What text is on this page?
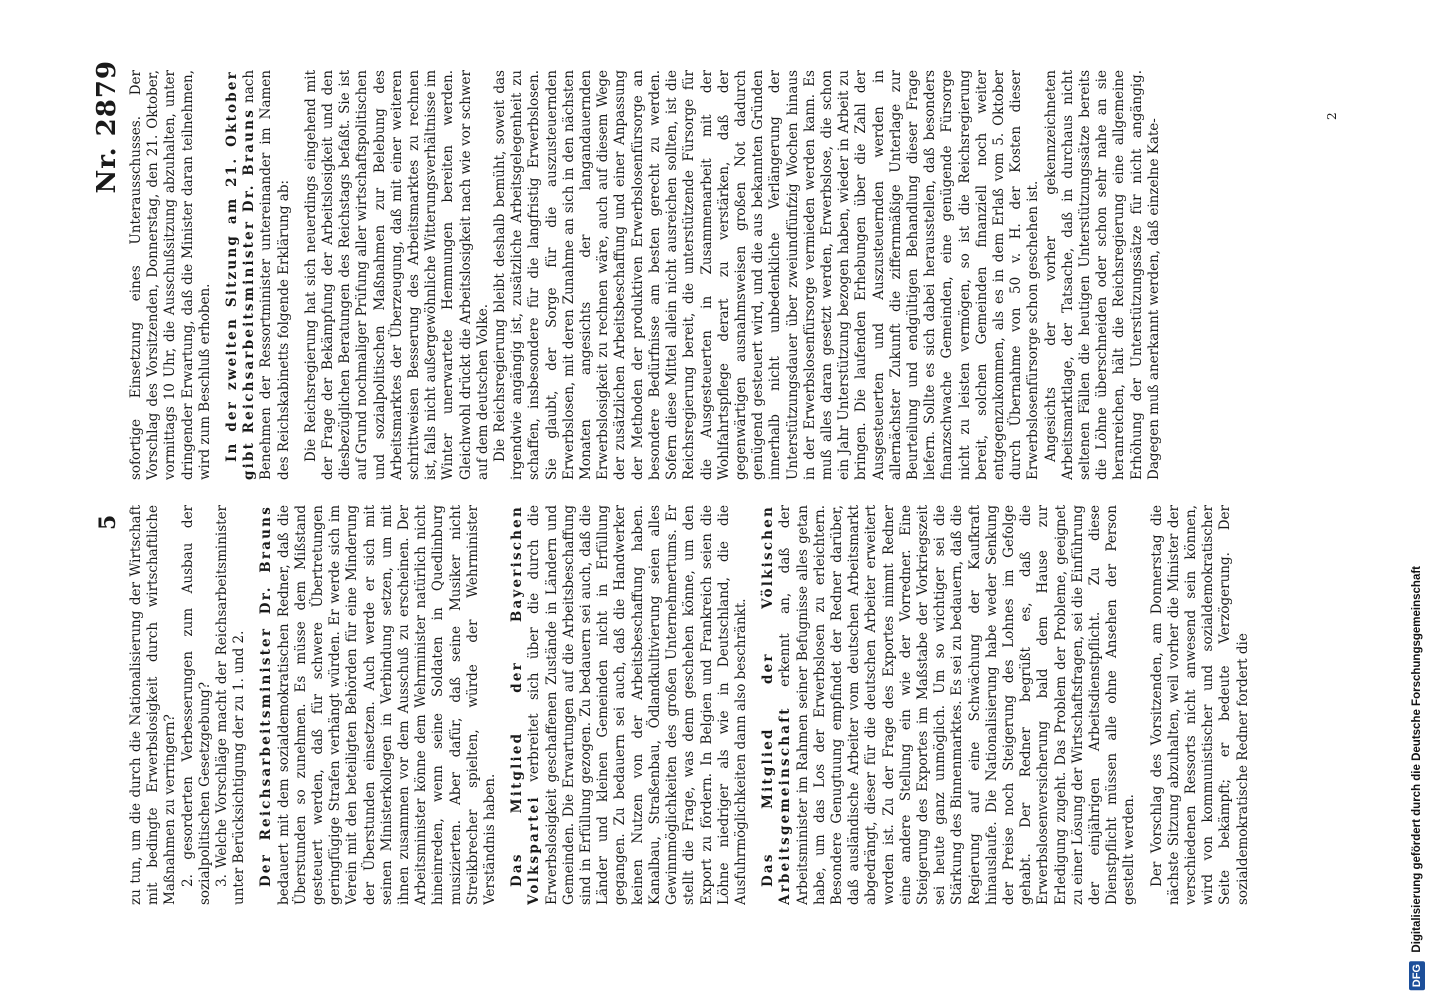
5
Nr. 2879

zu tun, um die durch die Nationalisierung der Wirtschaft mit bedingte Erwerbslosigkeit durch wirtschaftliche Maßnahmen zu verringern? 2. gesorderten Verbesserungen zum Ausbau der sozialpolitischen Gesetzgebung? 3. Welche Vorschläge macht der Reichsarbeitsminister unter Berücksichtigung der zu 1. und 2. Der Reichsarbeitsminister Dr. Brauns bedauert mit dem sozialdemokratischen Redner, daß die Überstunden so zunehmen. Es müsse dem Mißstand gesteuert werden, daß für schwere Übertretungen geringfügige Strafen verhängt würden. Er werde sich im Verein mit den beteiligten Behörden für eine Minderung der Überstunden einsetzen. Auch werde er sich mit seinen Ministerkollegen in Verbindung setzen, um mit ihnen zusammen vor dem Ausschuß zu erscheinen. Der Arbeitsminister könne dem Wehrminister natürlich nicht hineinreden, wenn seine Soldaten in Quedlinburg musizierten. Aber dafür, daß seine Musiker nicht Streikbrecher spielten, würde der Wehrminister Verständnis haben. Das Mitglied der Bayerischen Volkspartei verbreitet sich über die durch die Erwerbslosigkeit geschaffenen Zustände in Ländern und Gemeinden. Die Erwartungen auf die Arbeitsbeschaffung sind in Erfüllung gezogen. Zu bedauern sei auch, daß die Länder und kleinen Gemeinden nicht in Erfüllung gegangen. Zu bedauern sei auch, daß die Handwerker keinen Nutzen von der Arbeitsbeschaffung haben. Kanalbau, Straßenbau, Ödlandkultivierung seien alles Gewinnmöglichkeiten des großen Unternehmertums. Er stellt die Frage, was denn geschehen könne, um den Export zu fördern. In Belgien und Frankreich seien die Löhne niedriger als wie in Deutschland, die die Ausfuhrmöglichkeiten dann also beschränkt. Das Mitglied der Völkischen Arbeitsgemeinschaft erkennt an, daß der Arbeitsminister im Rahmen seiner Befugnisse alles getan habe, um das Los der Erwerbslosen zu erleichtern. Besondere Genugtuung empfindet der Redner darüber, daß ausländische Arbeiter vom deutschen Arbeitsmarkt abgedrängt, dieser für die deutschen Arbeiter erweitert worden ist. Zu der Frage des Exportes nimmt Redner eine andere Stellung ein wie der Vorredner. Eine Steigerung des Exportes im Maßstabe der Vorkriegszeit sei heute ganz unmöglich. Um so wichtiger sei die Stärkung des Binnenmarktes. Es sei zu bedauern, daß die Regierung auf eine Schwächung der Kaufkraft hinauslaufe. Die Nationalisierung habe weder Senkung der Preise noch Steigerung des Lohnes im Gefolge gehabt. Der Redner begrüßt es, daß die Erwerbslosenversicherung bald dem Hause zur Erledigung zugeht. Das Problem der Probleme, geeignet zu einer Lösung der Wirtschaftsfragen, sei die Einführung der einjährigen Arbeitsdienstpflicht. Zu diese Dienstpflicht müssen alle ohne Ansehen der Person gestellt werden. Der Vorschlag des Vorsitzenden, am Donnerstag die nächste Sitzung abzuhalten, weil vorher die Minister der verschiedenen Ressorts nicht anwesend sein können, wird von kommunistischer und sozialdemokratischer Seite bekämpft; er bedeute Verzögerung. Der sozialdemokratische Redner fordert die

sofortige Einsetzung eines Unterausschusses. Der Vorschlag des Vorsitzenden, Donnerstag, den 21. Oktober, vormittags 10 Uhr, die Ausschußsitzung abzuhalten, unter dringender Erwartung, daß die Minister daran teilnehmen, wird zum Beschluß erhoben. In der zweiten Sitzung am 21. Oktober gibt Reichsarbeitsminister Dr. Brauns nach Benehmen der Ressortminister untereinander im Namen des Reichskabinetts folgende Erklärung ab: Die Reichsregierung hat sich neuerdings eingehend mit der Frage der Bekämpfung der Arbeitslosigkeit und den diesbezüglichen Beratungen des Reichstags befaßt. Sie ist auf Grund nochmaliger Prüfung aller wirtschaftspolitischen und sozialpolitischen Maßnahmen zur Belebung des Arbeitsmarktes der Überzeugung, daß mit einer weiteren schrittweisen Besserung des Arbeitsmarktes zu rechnen ist, falls nicht außergewöhnliche Witterungsverhältnisse im Winter unerwartete Hemmungen bereiten werden. Gleichwohl drückt die Arbeitslosigkeit nach wie vor schwer auf dem deutschen Volke. Die Reichsregierung bleibt deshalb bemüht, soweit das irgendwie angängig ist, zusätzliche Arbeitsgelegenheit zu schaffen, insbesondere für die langfristig Erwerbslosen. Sie glaubt, der Sorge für die auszusteuernden Erwerbslosen, mit deren Zunahme an sich in den nächsten Monaten angesichts der langandauernden Erwerbslosigkeit zu rechnen wäre, auch auf diesem Wege der zusätzlichen Arbeitsbeschaffung und einer Anpassung der Methoden der produktiven Erwerbslosenfürsorge an besondere Bedürfnisse am besten gerecht zu werden. Sofern diese Mittel allein nicht ausreichen sollten, ist die Reichsregierung bereit, die unterstützende Fürsorge für die Ausgesteuerten in Zusammenarbeit mit der Wohlfahrtspflege derart zu verstärken, daß der gegenwärtigen ausnahmsweisen großen Not dadurch genügend gesteuert wird, und die aus bekannten Gründen innerhalb nicht unbedenkliche Verlängerung der Unterstützungsdauer über zweiundfünfzig Wochen hinaus in der Erwerbslosenfürsorge vermieden werden kann. Es muß alles daran gesetzt werden, Erwerbslose, die schon ein Jahr Unterstützung bezogen haben, wieder in Arbeit zu bringen. Die laufenden Erhebungen über die Zahl der Ausgesteuerten und Auszusteuernden werden in allernächster Zukunft die ziffernmäßige Unterlage zur Beurteilung und endgültigen Behandlung dieser Frage liefern. Sollte es sich dabei herausstellen, daß besonders finanzschwache Gemeinden, eine genügende Fürsorge nicht zu leisten vermögen, so ist die Reichsregierung bereit, solchen Gemeinden finanziell noch weiter entgegenzukommen, als es in dem Erlaß vom 5. Oktober durch Übernahme von 50 v. H. der Kosten dieser Erwerbslosenfürsorge schon geschehen ist. Angesichts der vorher gekennzeichneten Arbeitsmarktlage, der Tatsache, daß in durchaus nicht seltenen Fällen die heutigen Unterstützungssätze bereits die Löhne überschneiden oder schon sehr nahe an sie heranreichen, hält die Reichsregierung eine allgemeine Erhöhung der Unterstützungssätze für nicht angängig. Dagegen muß anerkannt werden, daß einzelne Kate-

2
Digitalisierung gefördert durch die Deutsche Forschungsgemeinschaft
DFG
